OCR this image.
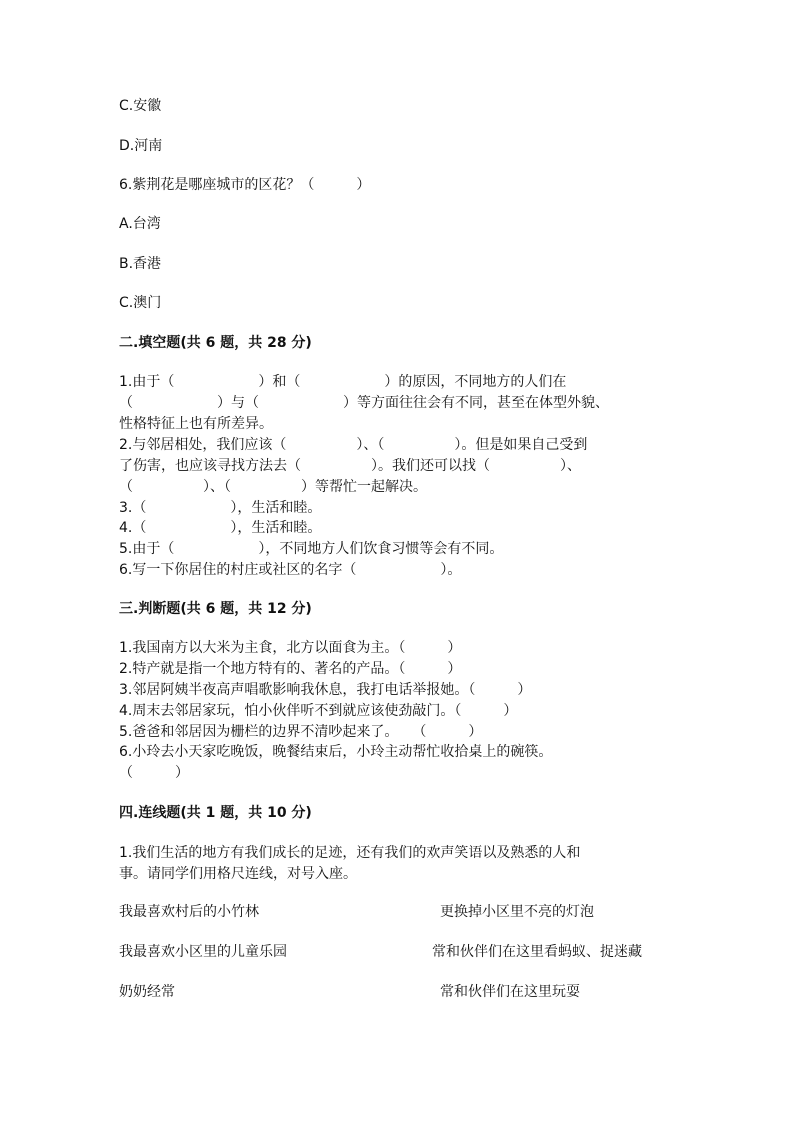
C.安徽

D.河南

6.紫荆花是哪座城市的区花？（　　　）

A.台湾

B.香港

C.澳门

二.填空题(共 6 题，共 28 分)

1.由于（　　　　　　）和（　　　　　　）的原因，不同地方的人们在

（　　　　　　）与（　　　　　　）等方面往往会有不同，甚至在体型外貌、

性格特征上也有所差异。

2.与邻居相处，我们应该（　　　　　）、（　　　　　）。但是如果自己受到

了伤害，也应该寻找方法去（　　　　　）。我们还可以找（　　　　　）、

（　　　　　）、（　　　　　）等帮忙一起解决。

3.（　　　　　　），生活和睦。

4.（　　　　　　），生活和睦。

5.由于（　　　　　　），不同地方人们饮食习惯等会有不同。

6.写一下你居住的村庄或社区的名字（　　　　　　）。

三.判断题(共 6 题，共 12 分)

1.我国南方以大米为主食，北方以面食为主。（　　　）

2.特产就是指一个地方特有的、著名的产品。（　　　）

3.邻居阿姨半夜高声唱歌影响我休息，我打电话举报她。（　　　）

4.周末去邻居家玩，怕小伙伴听不到就应该使劲敲门。（　　　）

5.爸爸和邻居因为栅栏的边界不清吵起来了。　　（　　　）

6.小玲去小天家吃晚饭，晚餐结束后，小玲主动帮忙收拾桌上的碗筷。

（　　　）

四.连线题(共 1 题，共 10 分)

1.我们生活的地方有我们成长的足迹，还有我们的欢声笑语以及熟悉的人和

事。请同学们用格尺连线，对号入座。

我最喜欢村后的小竹林

我最喜欢小区里的儿童乐园

奶奶经常

更换掉小区里不亮的灯泡

常和伙伴们在这里看蚂蚁、捉迷藏

常和伙伴们在这里玩耍
